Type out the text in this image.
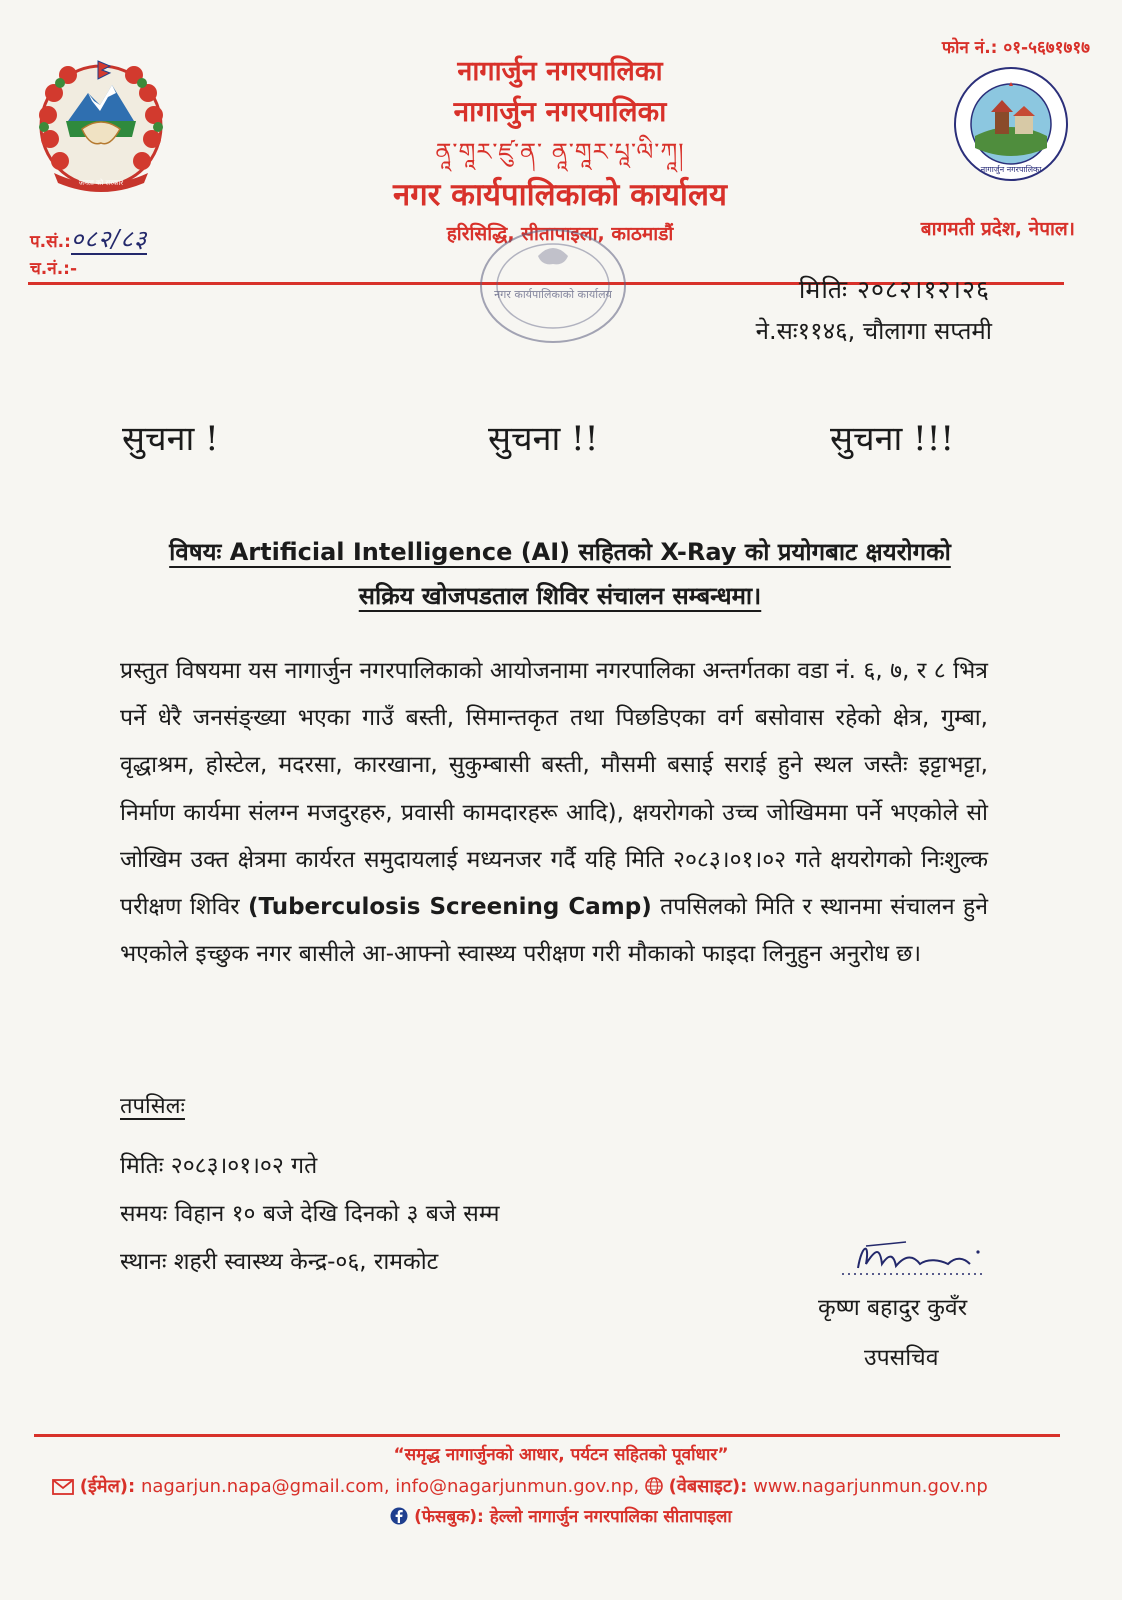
जनता को सरकार
नागार्जुन नगरपालिका
नागार्जुन नगरपालिका
नागार्जुन नगरपालिका
ནཱ་གཱར་ཛུ་ན་ ནཱ་གཱར་པཱ་ལི་ཀཱ།
नगर कार्यपालिकाको कार्यालय
हरिसिद्धि, सीतापाइला, काठमाडौं
फोन नं.: ०१-५६७१७१७
बागमती प्रदेश, नेपाल।
प.सं.:०८२/८३
च.नं.:-
नगर कार्यपालिकाको कार्यालय	मितिः २०८२।१२।२६
ने.सः११४६, चौलागा सप्तमी
सुचना !	सुचना !!	सुचना !!!
विषयः Artificial Intelligence (AI) सहितको X-Ray को प्रयोगबाट क्षयरोगको
सक्रिय खोजपडताल शिविर संचालन सम्बन्धमा।
प्रस्तुत विषयमा यस नागार्जुन नगरपालिकाको आयोजनामा नगरपालिका अन्तर्गतका वडा नं. ६, ७, र ८ भित्र पर्ने धेरै जनसंङ्ख्या भएका गाउँ बस्ती, सिमान्तकृत तथा पिछडिएका वर्ग बसोवास रहेको क्षेत्र, गुम्बा, वृद्धाश्रम, होस्टेल, मदरसा, कारखाना, सुकुम्बासी बस्ती, मौसमी बसाई सराई हुने स्थल जस्तैः इट्टाभट्टा, निर्माण कार्यमा संलग्न मजदुरहरु, प्रवासी कामदारहरू आदि), क्षयरोगको उच्च जोखिममा पर्ने भएकोले सो जोखिम उक्त क्षेत्रमा कार्यरत समुदायलाई मध्यनजर गर्दै यहि मिति २०८३।०१।०२ गते क्षयरोगको निःशुल्क परीक्षण शिविर (Tuberculosis Screening Camp) तपसिलको मिति र स्थानमा संचालन हुने भएकोले इच्छुक नगर बासीले आ-आफ्नो स्वास्थ्य परीक्षण गरी मौकाको फाइदा लिनुहुन अनुरोध छ।
तपसिलः
मितिः २०८३।०१।०२ गते
समयः विहान १० बजे देखि दिनको ३ बजे सम्म
स्थानः शहरी स्वास्थ्य केन्द्र-०६, रामकोट
कृष्ण बहादुर कुवँर
उपसचिव
“समृद्ध नागार्जुनको आधार, पर्यटन सहितको पूर्वाधार”
(ईमेल): nagarjun.napa@gmail.com, info@nagarjunmun.gov.np, (वेबसाइट): www.nagarjunmun.gov.np
(फेसबुक): हेल्लो नागार्जुन नगरपालिका सीतापाइला
